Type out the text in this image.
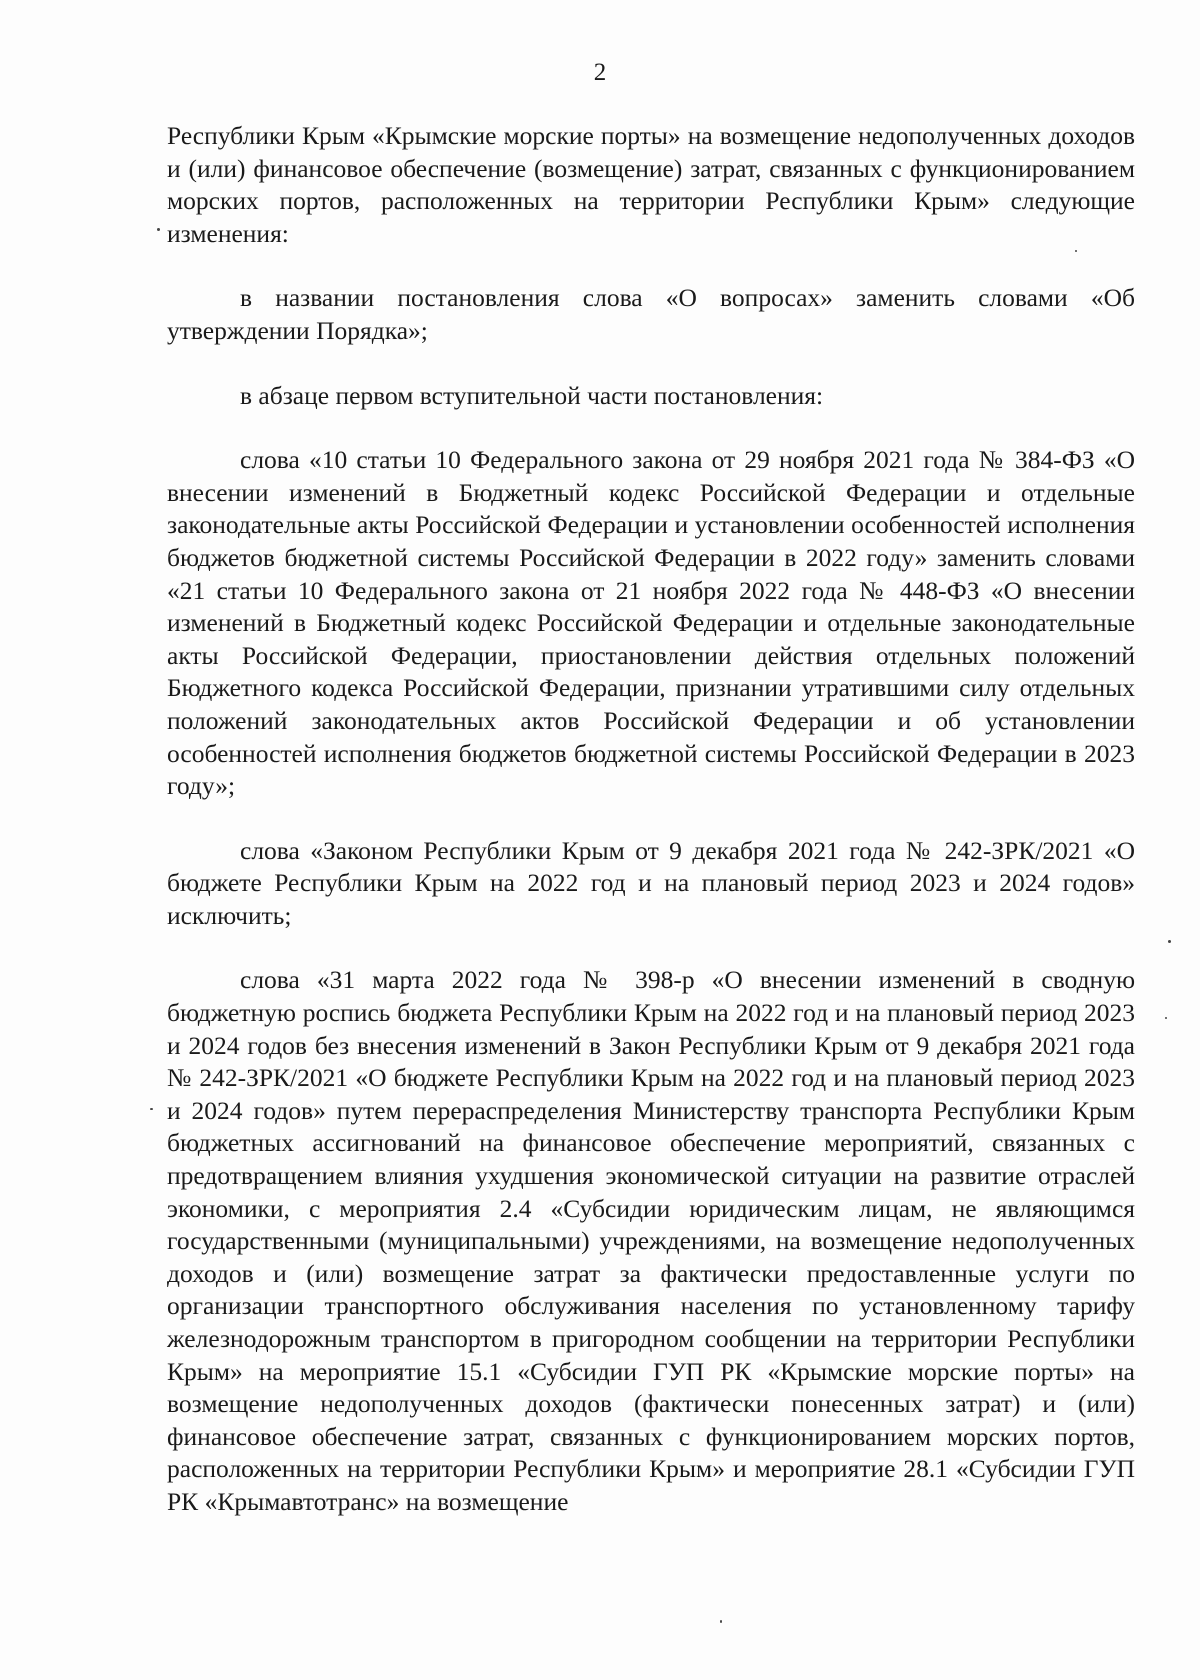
2

Республики Крым «Крымские морские порты» на возмещение недополученных доходов и (или) финансовое обеспечение (возмещение) затрат, связанных с функционированием морских портов, расположенных на территории Республики Крым» следующие изменения:

в названии постановления слова «О вопросах» заменить словами «Об утверждении Порядка»;

в абзаце первом вступительной части постановления:

слова «10 статьи 10 Федерального закона от 29 ноября 2021 года № 384-ФЗ «О внесении изменений в Бюджетный кодекс Российской Федерации и отдельные законодательные акты Российской Федерации и установлении особенностей исполнения бюджетов бюджетной системы Российской Федерации в 2022 году» заменить словами «21 статьи 10 Федерального закона от 21 ноября 2022 года № 448-ФЗ «О внесении изменений в Бюджетный кодекс Российской Федерации и отдельные законодательные акты Российской Федерации, приостановлении действия отдельных положений Бюджетного кодекса Российской Федерации, признании утратившими силу отдельных положений законодательных актов Российской Федерации и об установлении особенностей исполнения бюджетов бюджетной системы Российской Федерации в 2023 году»;

слова «Законом Республики Крым от 9 декабря 2021 года № 242-ЗРК/2021 «О бюджете Республики Крым на 2022 год и на плановый период 2023 и 2024 годов» исключить;

слова «31 марта 2022 года № 398-р «О внесении изменений в сводную бюджетную роспись бюджета Республики Крым на 2022 год и на плановый период 2023 и 2024 годов без внесения изменений в Закон Республики Крым от 9 декабря 2021 года № 242-ЗРК/2021 «О бюджете Республики Крым на 2022 год и на плановый период 2023 и 2024 годов» путем перераспределения Министерству транспорта Республики Крым бюджетных ассигнований на финансовое обеспечение мероприятий, связанных с предотвращением влияния ухудшения экономической ситуации на развитие отраслей экономики, с мероприятия 2.4 «Субсидии юридическим лицам, не являющимся государственными (муниципальными) учреждениями, на возмещение недополученных доходов и (или) возмещение затрат за фактически предоставленные услуги по организации транспортного обслуживания населения по установленному тарифу железнодорожным транспортом в пригородном сообщении на территории Республики Крым» на мероприятие 15.1 «Субсидии ГУП РК «Крымские морские порты» на возмещение недополученных доходов (фактически понесенных затрат) и (или) финансовое обеспечение затрат, связанных с функционированием морских портов, расположенных на территории Республики Крым» и мероприятие 28.1 «Субсидии ГУП РК «Крымавтотранс» на возмещение
